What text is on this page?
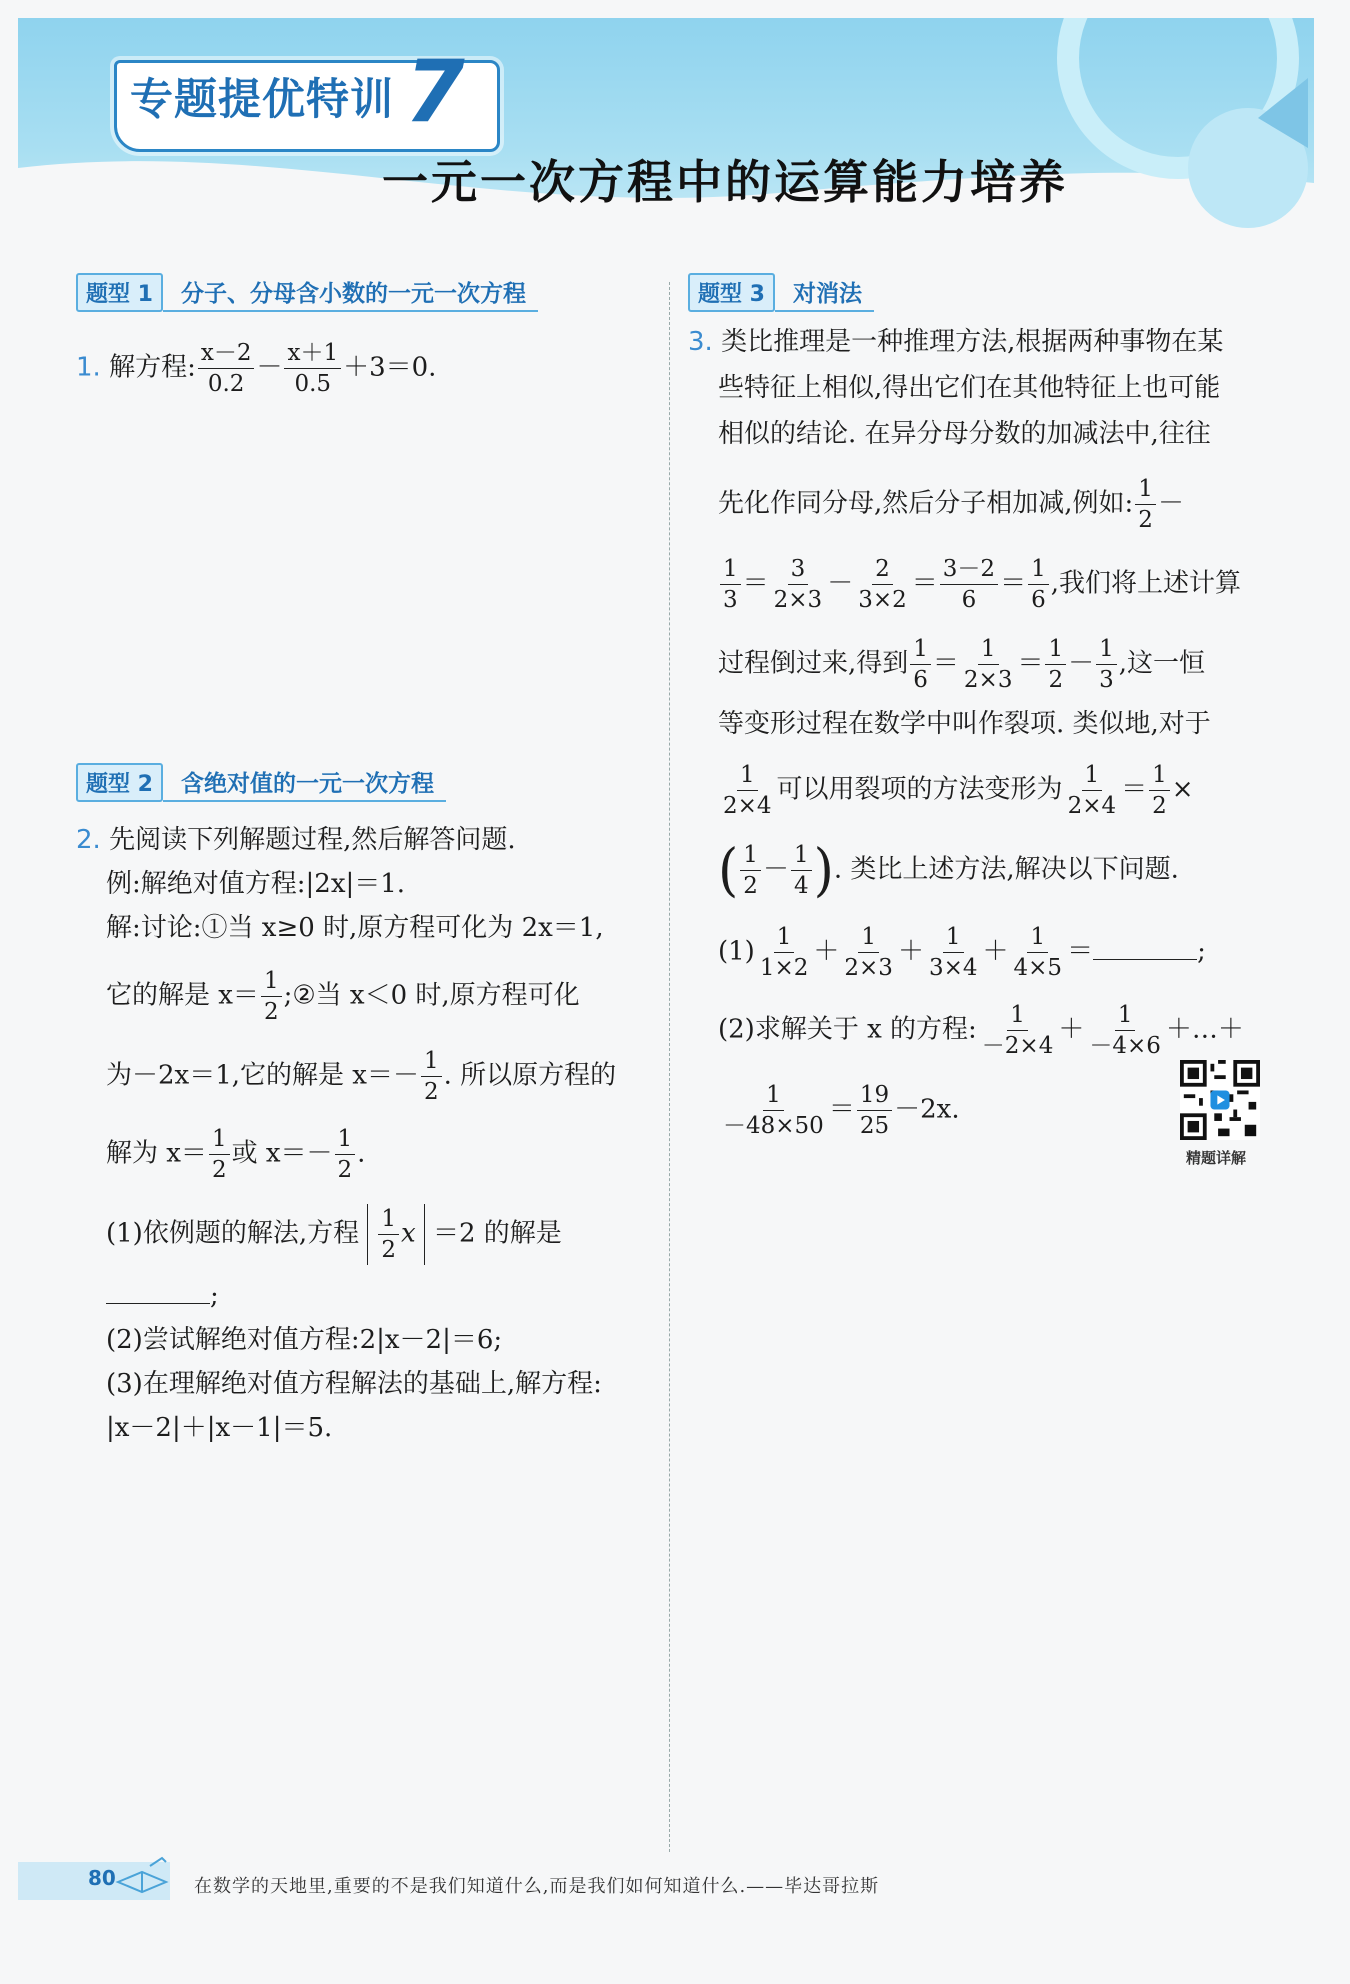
专题提优特训 7
一元一次方程中的运算能力培养
题型 1	分子、分母含小数的一元一次方程
1. 解方程: $\frac{x-2}{0.2} - \frac{x+1}{0.5} +3=0$.
题型 2	含绝对值的一元一次方程
2. 先阅读下列解题过程,然后解答问题.
例:解绝对值方程:|2x|＝1.
解:讨论:①当 x≥0 时,原方程可化为 2x＝1,
它的解是 $x= \frac{1}{2}$ ;②当 x＜0 时,原方程可化
为－2x＝1,它的解是 $x=- \frac{1}{2}$ . 所以原方程的
解为 $x= \frac{1}{2}$ 或 $x=- \frac{1}{2}$ .
(1)依例题的解法,方程 $\frac{1}{2}$ x ＝2 的解是
;
(2)尝试解绝对值方程:2|x－2|＝6;
(3)在理解绝对值方程解法的基础上,解方程:
|x－2|＋|x－1|＝5.
题型 3	对消法
3. 类比推理是一种推理方法,根据两种事物在某
些特征上相似,得出它们在其他特征上也可能
相似的结论. 在异分母分数的加减法中,往往
先化作同分母,然后分子相加减,例如: $\frac{1}{2}$ －
$\frac{1}{3} = \frac{3}{2\times 3} - \frac{2}{3\times 2} = \frac{3-2}{6} = \frac{1}{6}$ ,我们将上述计算
过程倒过来,得到 $\frac{1}{6} = \frac{1}{2\times 3} = \frac{1}{2} - \frac{1}{3}$ ,这一恒
等变形过程在数学中叫作裂项. 类似地,对于
$\frac{1}{2\times 4}$ 可以用裂项的方法变形为 $\frac{1}{2\times 4} = \frac{1}{2}$ ×
( $\frac{1}{2} - \frac{1}{4}$ ). 类比上述方法,解决以下问题.
$(1) \frac{1}{1\times 2} + \frac{1}{2\times 3} + \frac{1}{3\times 4} + \frac{1}{4\times 5}$ ＝	;
(2)求解关于 x 的方程: $\frac{1}{-2\times 4} + \frac{1}{-4\times 6}$ ＋…＋
$\frac{1}{-48\times 50} = \frac{19}{25} -2x$.
精题详解
80	在数学的天地里,重要的不是我们知道什么,而是我们如何知道什么.——毕达哥拉斯
